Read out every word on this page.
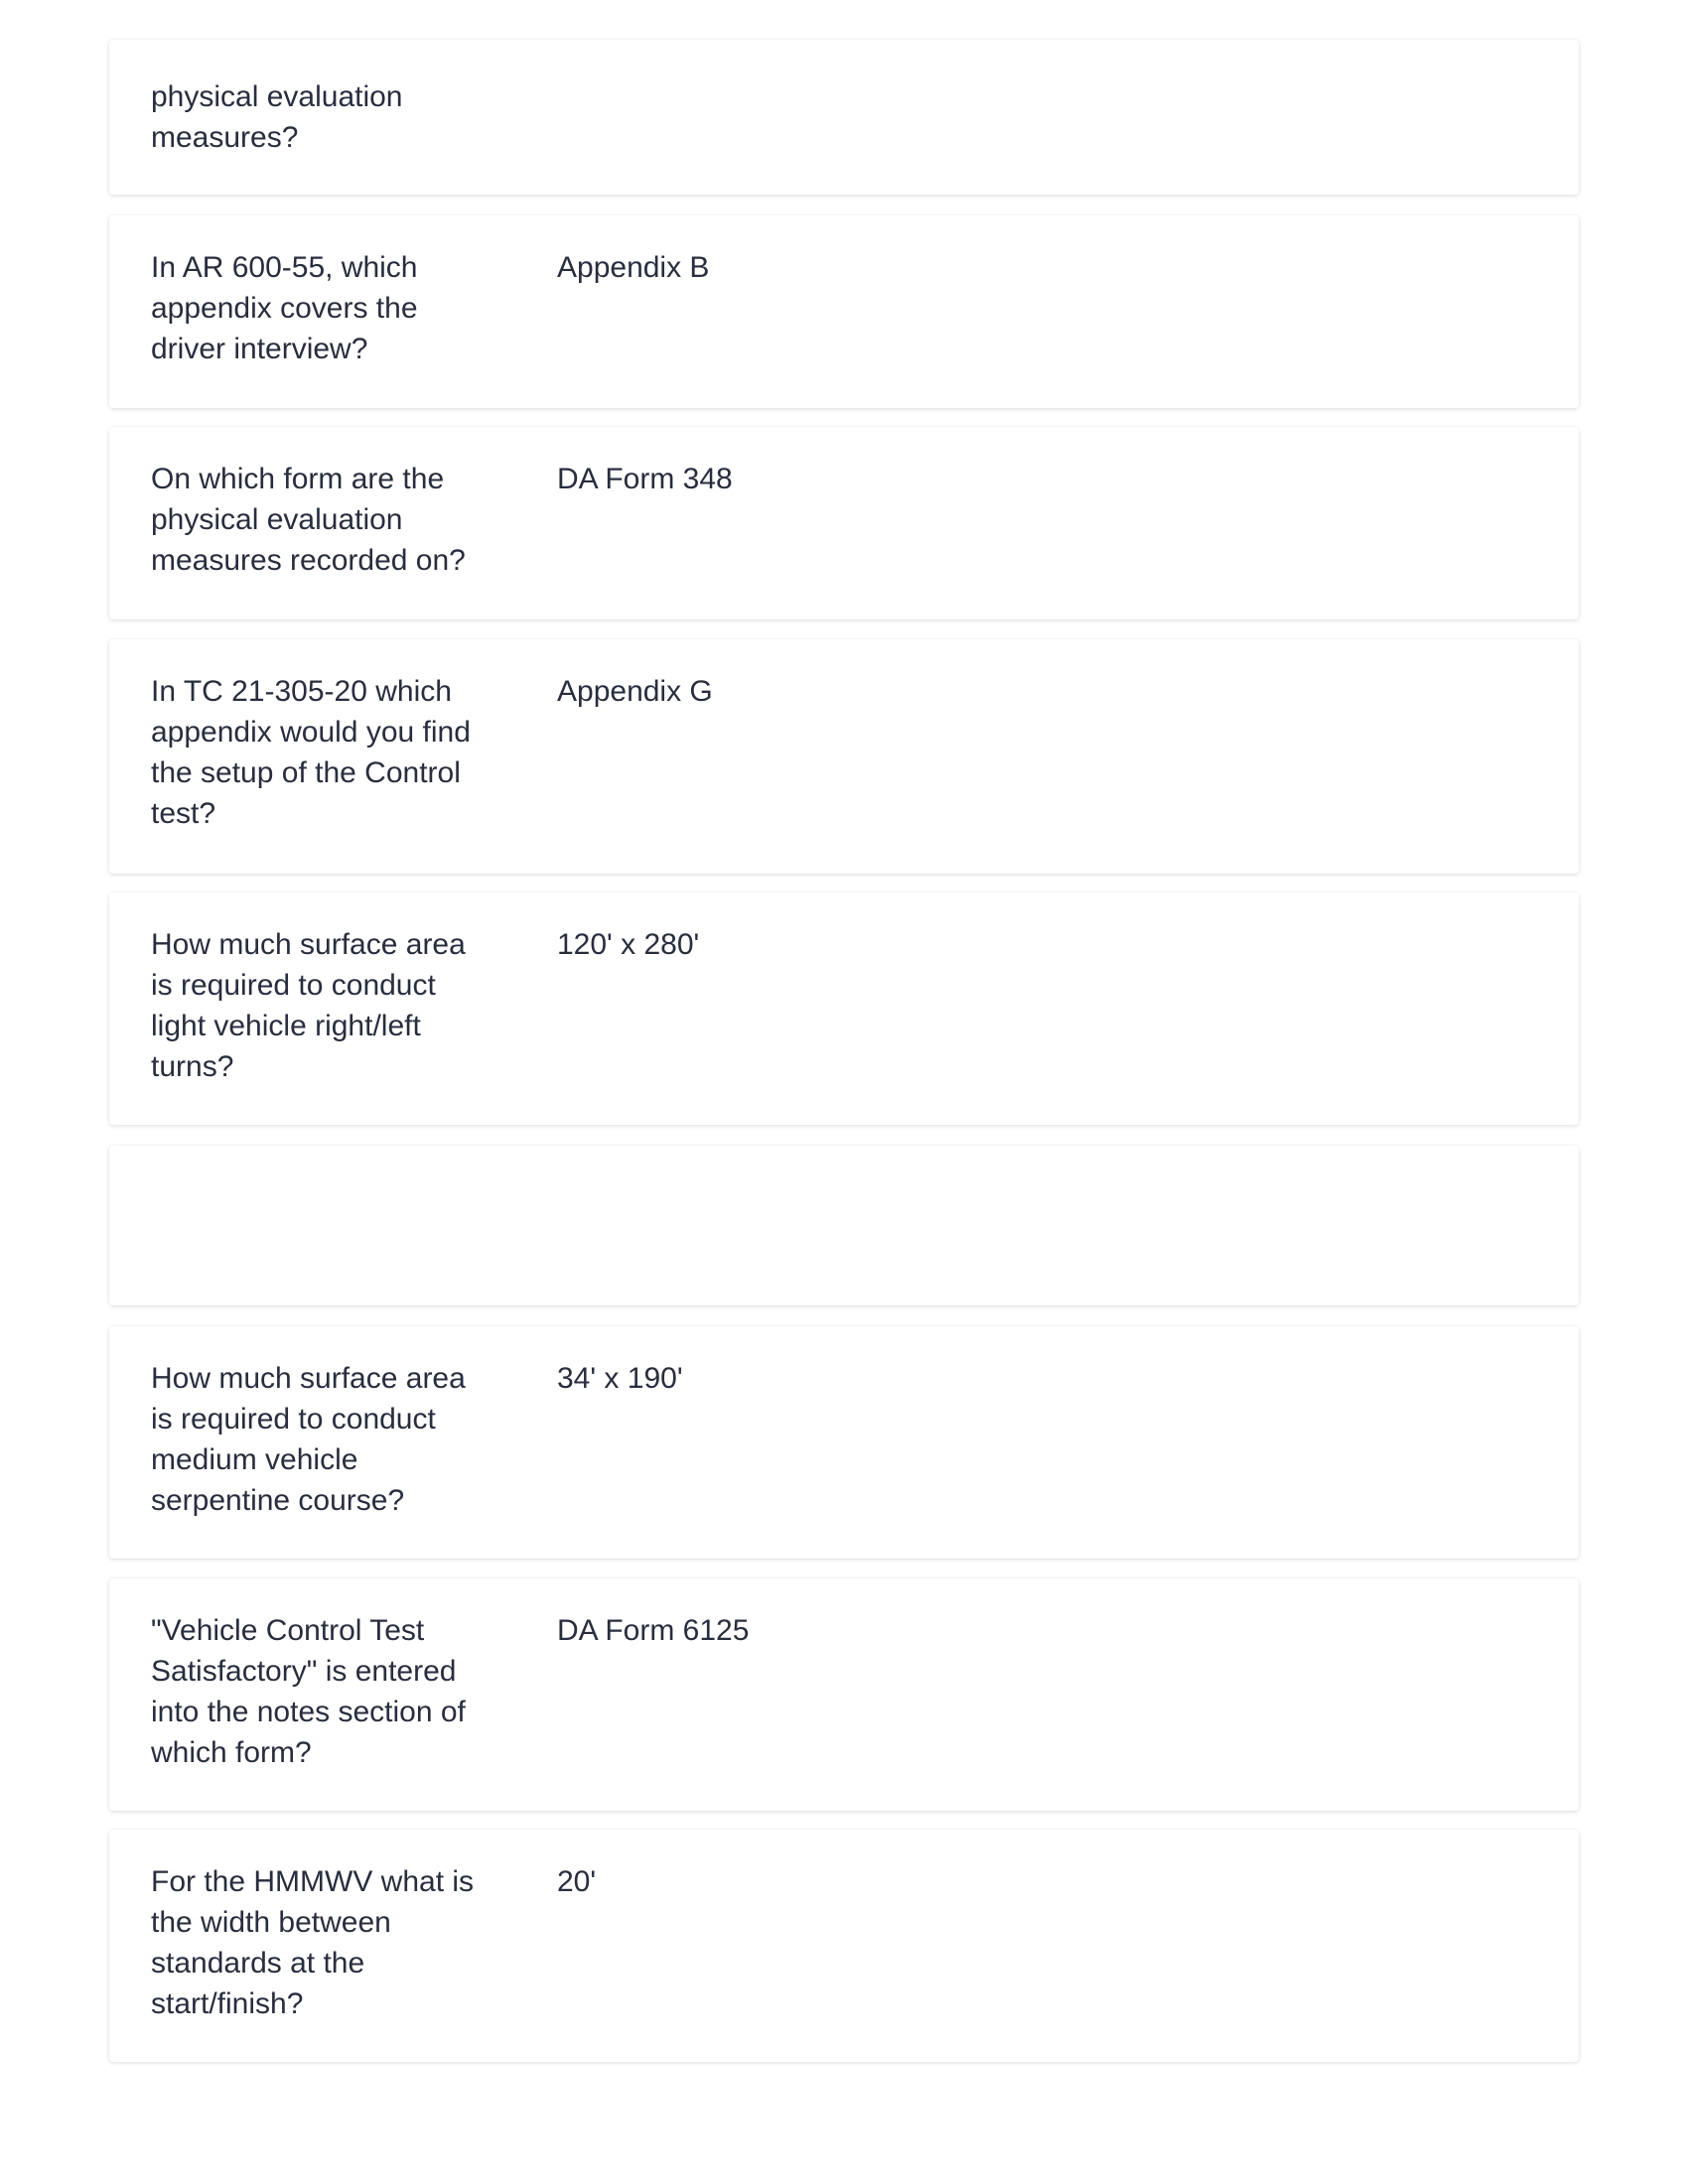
physical evaluation measures?
In AR 600-55, which appendix covers the driver interview?
Appendix B
On which form are the physical evaluation measures recorded on?
DA Form 348
In TC 21-305-20 which appendix would you find the setup of the Control test?
Appendix G
How much surface area is required to conduct light vehicle right/left turns?
120' x 280'
How much surface area is required to conduct medium vehicle serpentine course?
34' x 190'
"Vehicle Control Test Satisfactory" is entered into the notes section of which form?
DA Form 6125
For the HMMWV what is the width between standards at the start/finish?
20'
